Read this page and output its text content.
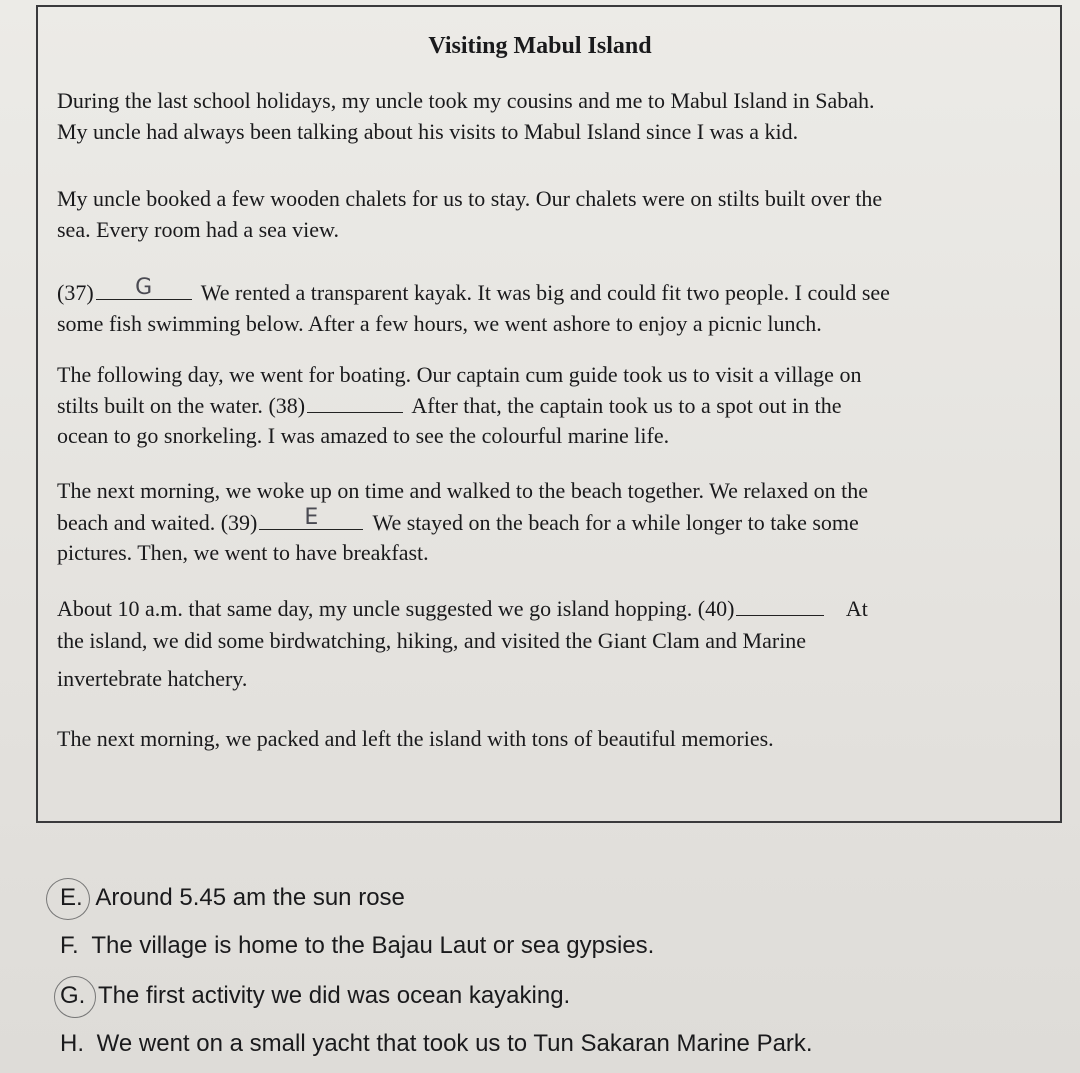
Visiting Mabul Island
During the last school holidays, my uncle took my cousins and me to Mabul Island in Sabah.
My uncle had always been talking about his visits to Mabul Island since I was a kid.
My uncle booked a few wooden chalets for us to stay. Our chalets were on stilts built over the
sea. Every room had a sea view.
(37)	G	We rented a transparent kayak. It was big and could fit two people. I could see
some fish swimming below. After a few hours, we went ashore to enjoy a picnic lunch.
The following day, we went for boating. Our captain cum guide took us to visit a village on
stilts built on the water. (38)	After that, the captain took us to a spot out in the
ocean to go snorkeling. I was amazed to see the colourful marine life.
The next morning, we woke up on time and walked to the beach together. We relaxed on the
beach and waited. (39)	E	We stayed on the beach for a while longer to take some
pictures. Then, we went to have breakfast.
About 10 a.m. that same day, my uncle suggested we go island hopping. (40)	At
the island, we did some birdwatching, hiking, and visited the Giant Clam and Marine
invertebrate hatchery.
The next morning, we packed and left the island with tons of beautiful memories.
E. Around 5.45 am the sun rose
F. The village is home to the Bajau Laut or sea gypsies.
G. The first activity we did was ocean kayaking.
H. We went on a small yacht that took us to Tun Sakaran Marine Park.
